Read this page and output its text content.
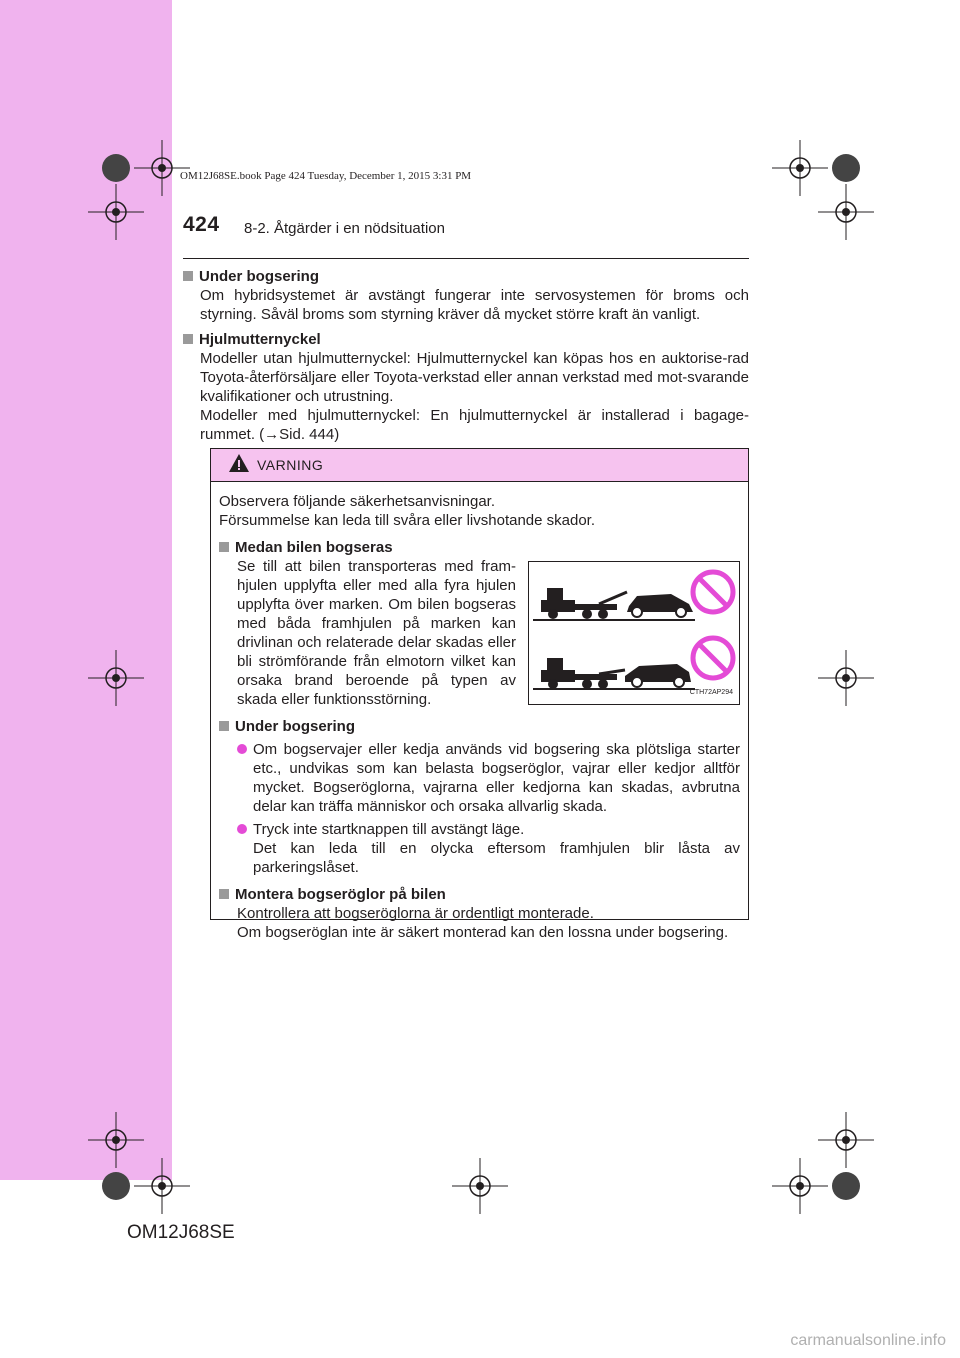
OM12J68SE.book Page 424 Tuesday, December 1, 2015 3:31 PM
424 8-2. Åtgärder i en nödsituation
Under bogsering

Om hybridsystemet är avstängt fungerar inte servosystemen för broms och styrning. Såväl broms som styrning kräver då mycket större kraft än vanligt.

Hjulmutternyckel

Modeller utan hjulmutternyckel: Hjulmutternyckel kan köpas hos en auktorise-rad Toyota-återförsäljare eller Toyota-verkstad eller annan verkstad med mot-svarande kvalifikationer och utrustning.

Modeller med hjulmutternyckel: En hjulmutternyckel är installerad i bagage-rummet. (→Sid. 444)

VARNING

Observera följande säkerhetsanvisningar.

Försummelse kan leda till svåra eller livshotande skador.

Medan bilen bogseras
Se till att bilen transporteras med fram-hjulen upplyfta eller med alla fyra hjulen upplyfta över marken. Om bilen bogseras med båda framhjulen på marken kan drivlinan och relaterade delar skadas eller bli strömförande från elmotorn vilket kan orsaka brand beroende på typen av skada eller funktionsstörning.	CTH72AP294
Under bogsering
Om bogservajer eller kedja används vid bogsering ska plötsliga starter etc., undvikas som kan belasta bogseröglor, vajrar eller kedjor alltför mycket. Bogseröglorna, vajrarna eller kedjorna kan skadas, avbrutna delar kan träffa människor och orsaka allvarlig skada.
Tryck inte startknappen till avstängt läge.
Det kan leda till en olycka eftersom framhjulen blir låsta av parkeringslåset.
Montera bogseröglor på bilen

Kontrollera att bogseröglorna är ordentligt monterade.

Om bogseröglan inte är säkert monterad kan den lossna under bogsering.

OM12J68SE
carmanualsonline.info
